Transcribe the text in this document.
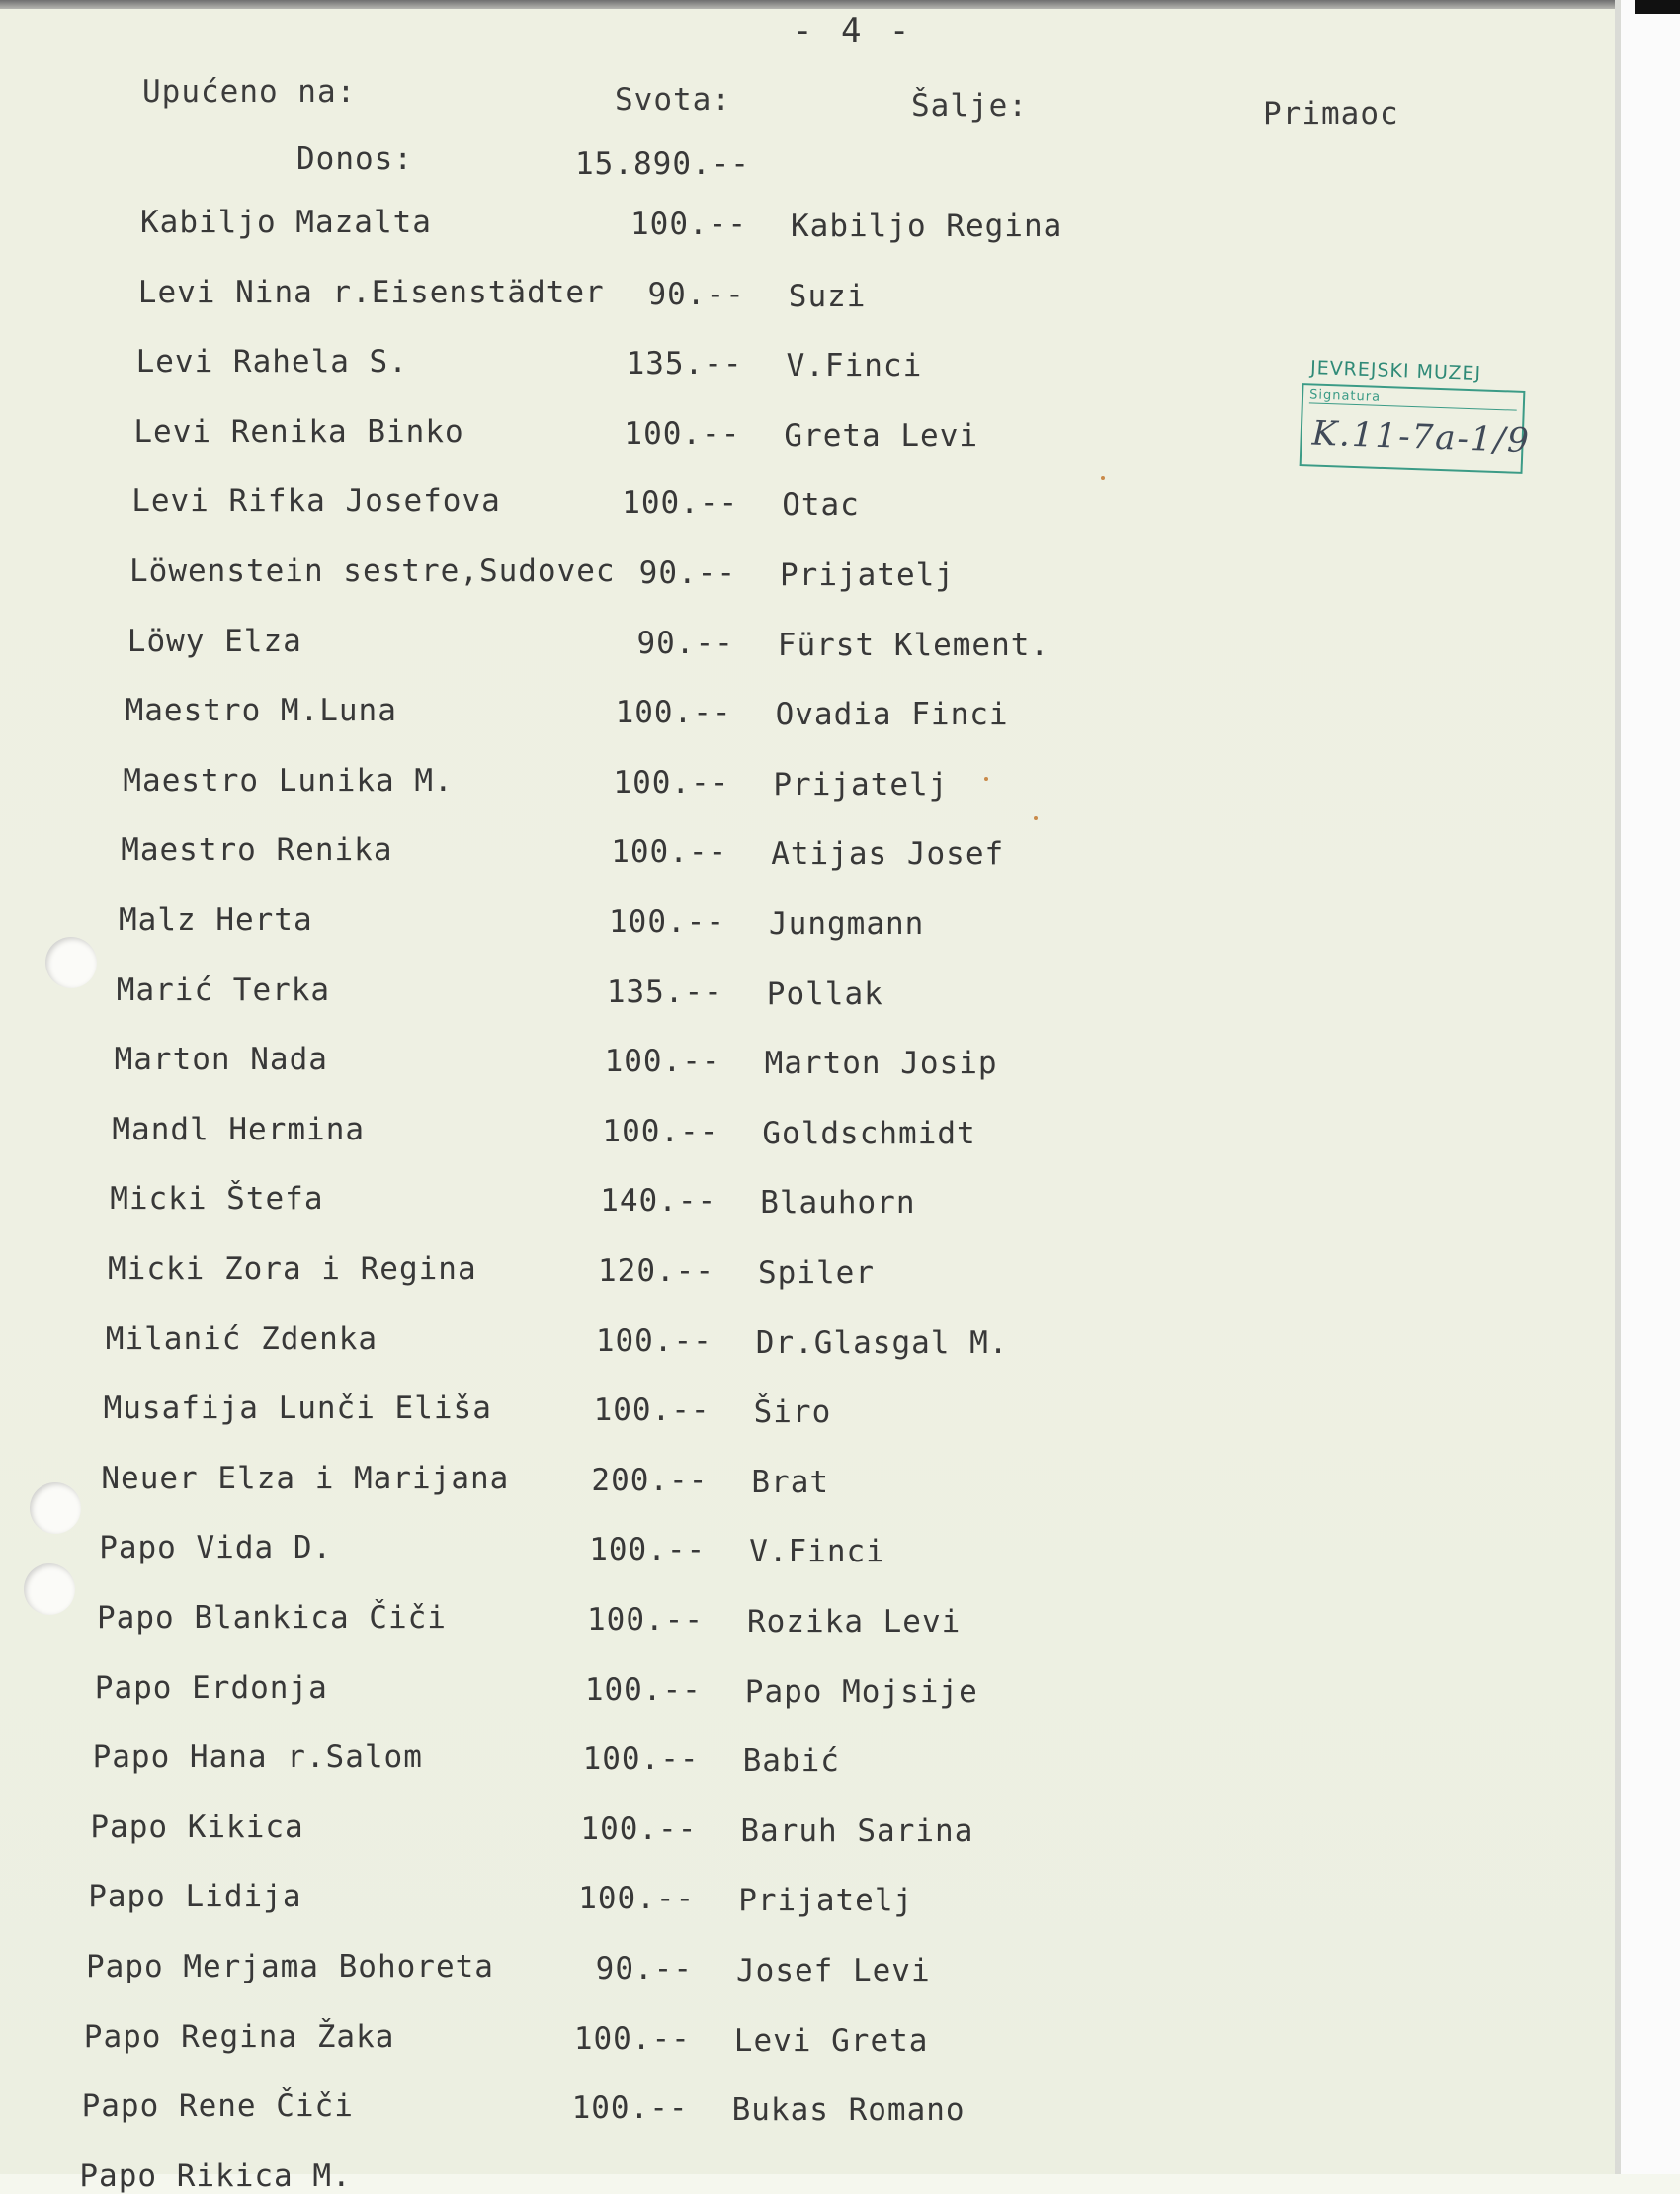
- 4 -
Upućeno na:	Svota:	Šalje:	Primaoc
Donos:	15.890.--
Kabiljo Mazalta	100.-- Kabiljo Regina
Levi Nina r.Eisenstädter	90.-- Suzi
Levi Rahela S.	135.-- V.Finci
Levi Renika Binko	100.-- Greta Levi
Levi Rifka Josefova	100.-- Otac
Löwenstein sestre,Sudovec 90.-- Prijatelj
Löwy Elza	90.-- Fürst Klement.
Maestro M.Luna	100.-- Ovadia Finci
Maestro Lunika M.	100.-- Prijatelj
Maestro Renika	100.-- Atijas Josef
Malz Herta	100.-- Jungmann
Marić Terka	135.-- Pollak
Marton Nada	100.-- Marton Josip
Mandl Hermina	100.-- Goldschmidt
Micki Štefa	140.-- Blauhorn
Micki Zora i Regina	120.-- Spiler
Milanić Zdenka	100.-- Dr.Glasgal M.
Musafija Lunči Eliša	100.-- Širo
Neuer Elza i Marijana	200.-- Brat
Papo Vida D.	100.-- V.Finci
Papo Blankica Čiči	100.-- Rozika Levi
Papo Erdonja	100.-- Papo Mojsije
Papo Hana r.Salom	100.-- Babić
Papo Kikica	100.-- Baruh Sarina
Papo Lidija	100.-- Prijatelj
Papo Merjama Bohoreta	90.-- Josef Levi
Papo Regina Žaka	100.-- Levi Greta
Papo Rene Čiči	100.-- Bukas Romano
Papo Rikica M.
JEVREJSKI MUZEJ
Signatura
K.11-7a-1/9
